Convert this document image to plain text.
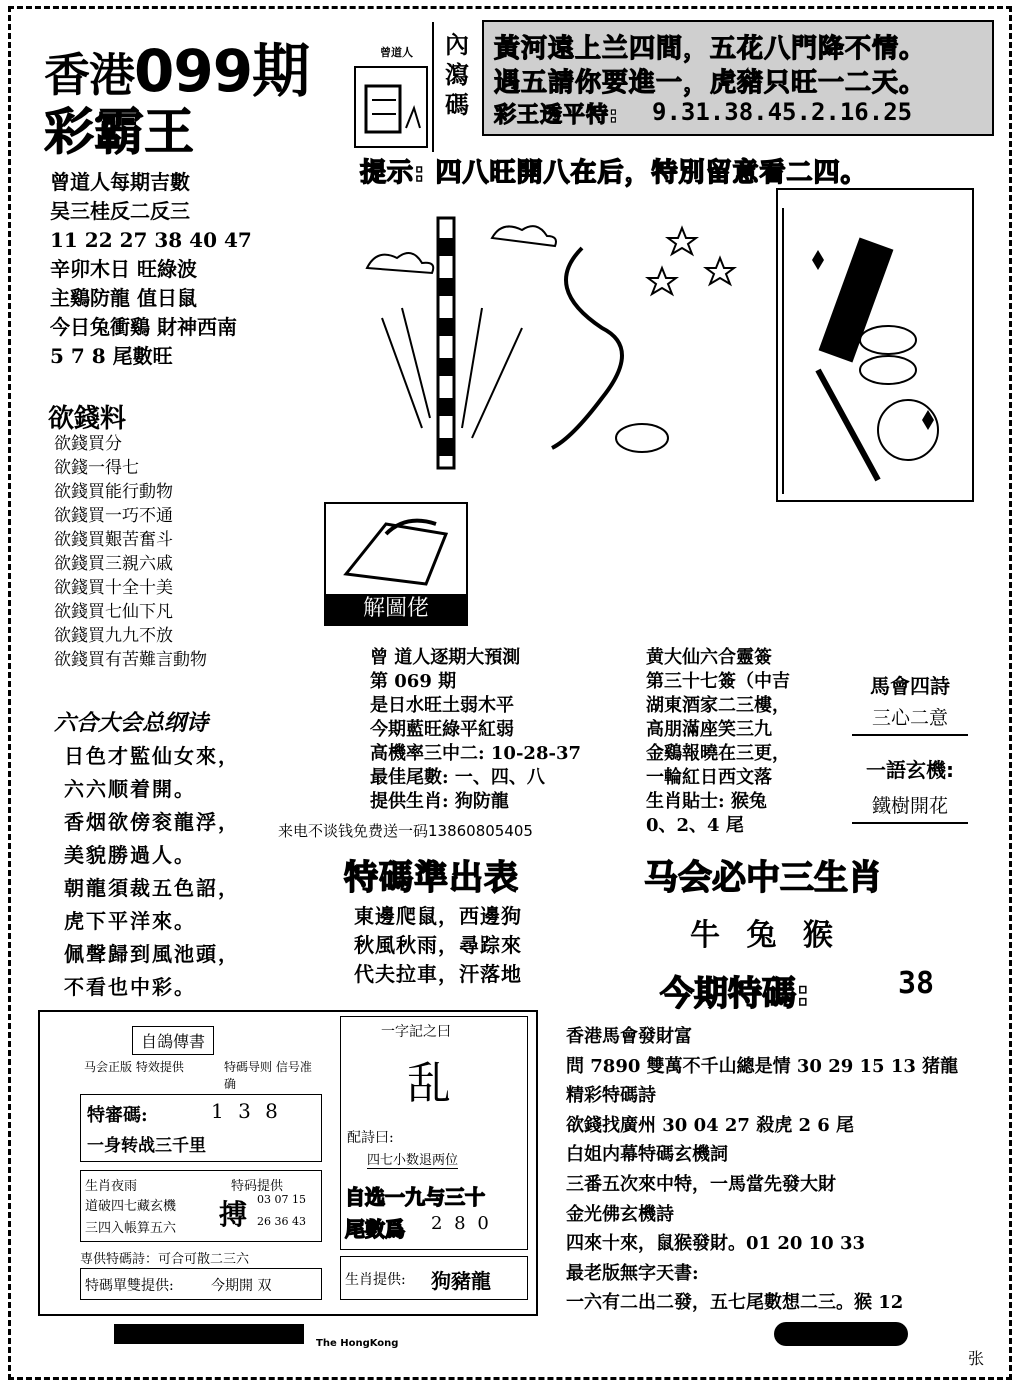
香港099期
彩霸王
曾道人 內瀉碼
黃河遠上兰四間，五花八門降不情。
遇五請你要進一，虎豬只旺一二天。
彩王透平特: 9.31.38.45.2.16.25
提示: 四八旺開八在后，特別留意看二四。
曾道人每期吉數
吴三桂反二反三
11 22 27 38 40 47
辛卯木日 旺綠波
主鷄防龍 值日鼠
今日兔衝鷄 財神西南
5 7 8 尾數旺
欲錢料
欲錢買分
欲錢一得七
欲錢買能行動物
欲錢買一巧不通
欲錢買艱苦奮斗
欲錢買三親六戚
欲錢買十全十美
欲錢買七仙下凡
欲錢買九九不放
欲錢買有苦難言動物
解圖佬
六合大会总纲诗
日色才監仙女來，
六六顺着開。
香烟欲傍衮龍浮，
美貌勝過人。
朝龍須裁五色詔，
虎下平洋來。
佩聲歸到風池頭，
不看也中彩。
曾 道人逐期大預測
第 069 期
是日水旺土弱木平
今期藍旺綠平紅弱
高機率三中二: 10-28-37
最佳尾數: 一、四、八
提供生肖: 狗防龍
来电不谈钱免费送一码13860805405
特碼準出表
東邊爬鼠，西邊狗
秋風秋雨，尋踪來
代夫拉車，汗落地
黄大仙六合靈簽
第三十七簽（中吉
湖東酒家二三樓，
高朋滿座笑三九
金鷄報曉在三更，
一輪紅日西文落
生肖貼士: 猴兔
0、2、4 尾
馬會四詩
三心二意
一語玄機:
鐵樹開花
马会必中三生肖
牛 兔 猴
今期特碼:	38
自鴿傳書
马会正版 特效提供	特碼导则 信号准确
特審碼:	1 3 8
一身转战三千里
生肖夜雨
道破四七藏玄機
三四入帳算五六
特码提供
搏 03 07 15
26 36 43
専供特碼詩：可合可散二三六
特碼單雙提供:	今期開 双
一字記之曰
乱
配詩曰:
四七小数退两位
自选一九与三十
尾數爲 2 8 0
生肖提供: 狗豬龍
香港馬會發財富
問 7890 雙萬不千山總是情 30 29 15 13 猪龍
精彩特碼詩
欲錢找廣州 30 04 27 殺虎 2 6 尾
白姐内幕特碼玄機詞
三番五次來中特，一馬當先發大財
金光佛玄機詩
四來十來，鼠猴發財。01 20 10 33
最老版無字天書:
一六有二出二發，五七尾數想二三。猴 12
The HongKong
张
